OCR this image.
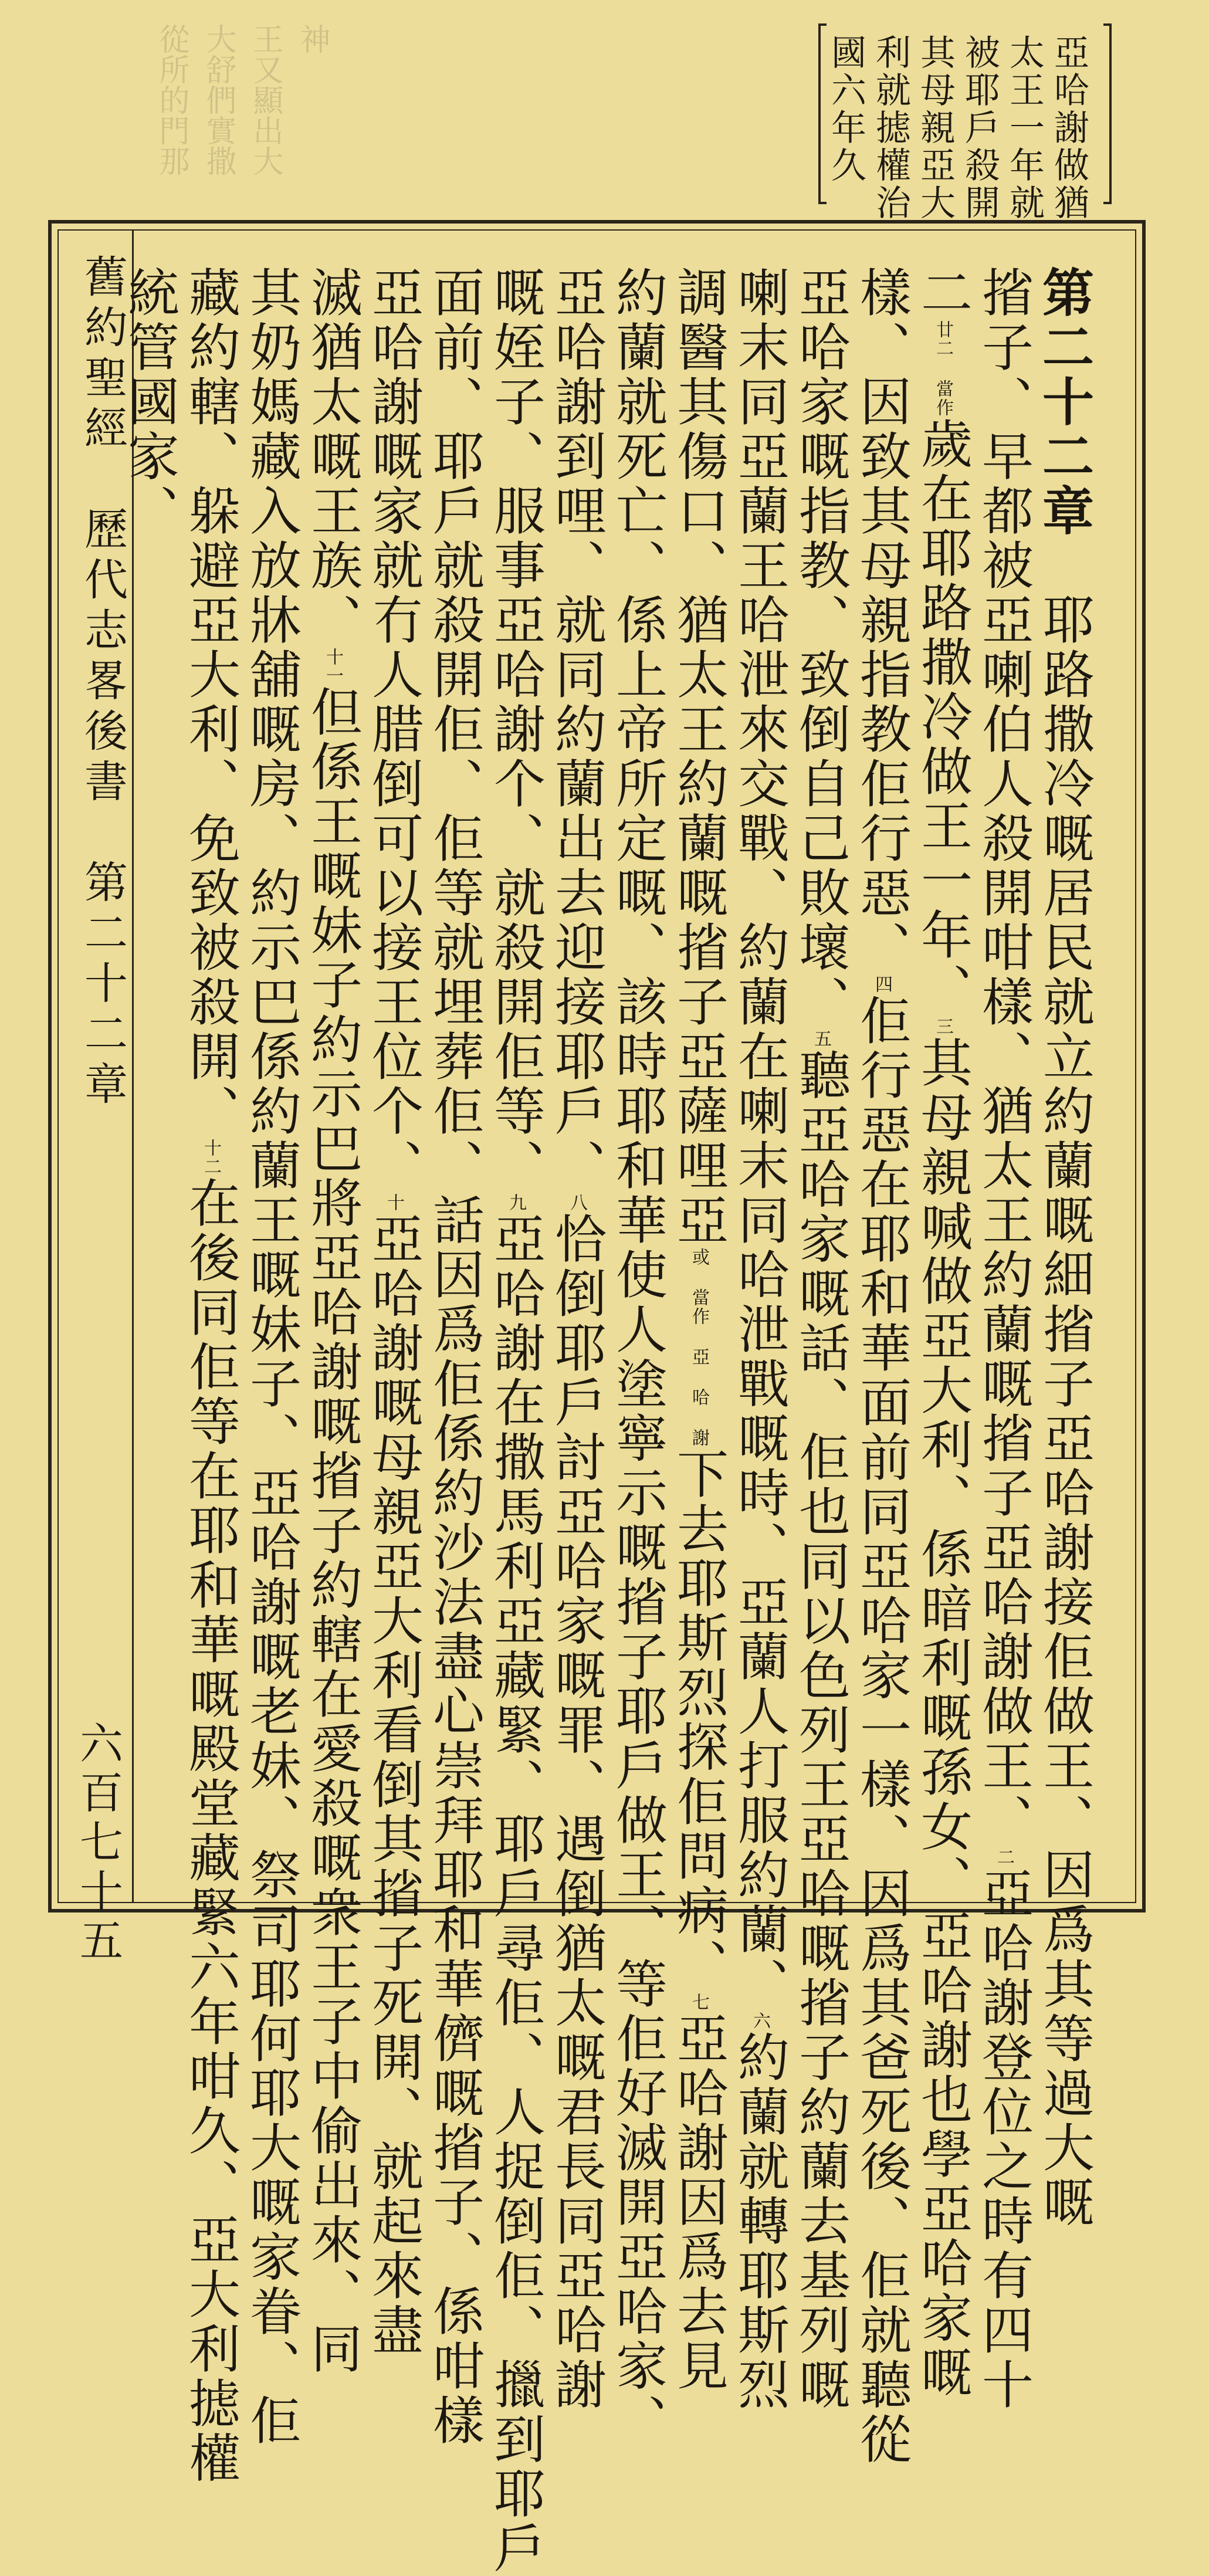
神
王又顯出大
大舒們實撒
從所的門那	亞哈謝做猶
太王一年就
被耶戶殺開
其母親亞大
利就摅權治
國六年久
舊約聖經　歷代志畧後書　第二十二章
六百七十五
第二十二章　耶路撒冷嘅居民就立約蘭嘅細㨘子亞哈謝接佢做王、因爲其等過大嘅
㨘子、早都被亞喇伯人殺開咁樣、猶太王約蘭嘅㨘子亞哈謝做王、二亞哈謝登位之時有四十
二廿二 當作歲在耶路撒冷做王一年、三其母親喊做亞大利、係暗利嘅孫女、亞哈謝也學亞哈家嘅
樣、因致其母親指教佢行惡、四佢行惡在耶和華面前同亞哈家一樣、因爲其爸死後、佢就聽從
亞哈家嘅指教、致倒自己敗壞、五聽亞哈家嘅話、佢也同以色列王亞哈嘅㨘子約蘭去基列嘅
喇末同亞蘭王哈泄來交戰、約蘭在喇末同哈泄戰嘅時、亞蘭人打服約蘭、六約蘭就轉耶斯烈
調醫其傷口、猶太王約蘭嘅㨘子亞薩哩亞或 當作 亞 哈 謝下去耶斯烈探佢問病、七亞哈謝因爲去見
約蘭就死亡、係上帝所定嘅、該時耶和華使人塗寧示嘅㨘子耶戶做王、等佢好滅開亞哈家、
亞哈謝到哩、就同約蘭出去迎接耶戶、八恰倒耶戶討亞哈家嘅罪、遇倒猶太嘅君長同亞哈謝
嘅姪子、服事亞哈謝个、就殺開佢等、九亞哈謝在撒馬利亞藏緊、耶戶尋佢、人捉倒佢、擸到耶戶
面前、耶戶就殺開佢、佢等就埋葬佢、話因爲佢係約沙法盡心崇拜耶和華儕嘅㨘子、係咁樣
亞哈謝嘅家就冇人腊倒可以接王位个、十亞哈謝嘅母親亞大利看倒其㨘子死開、就起來盡
滅猶太嘅王族、十一但係王嘅妹子約示巴將亞哈謝嘅㨘子約轄在愛殺嘅衆王子中偷出來、同
其奶媽藏入放牀舖嘅房、約示巴係約蘭王嘅妹子、亞哈謝嘅老妹、祭司耶何耶大嘅家眷、佢
藏約轄、躲避亞大利、免致被殺開、十二在後同佢等在耶和華嘅殿堂藏緊六年咁久、亞大利摅權
統管國家、
